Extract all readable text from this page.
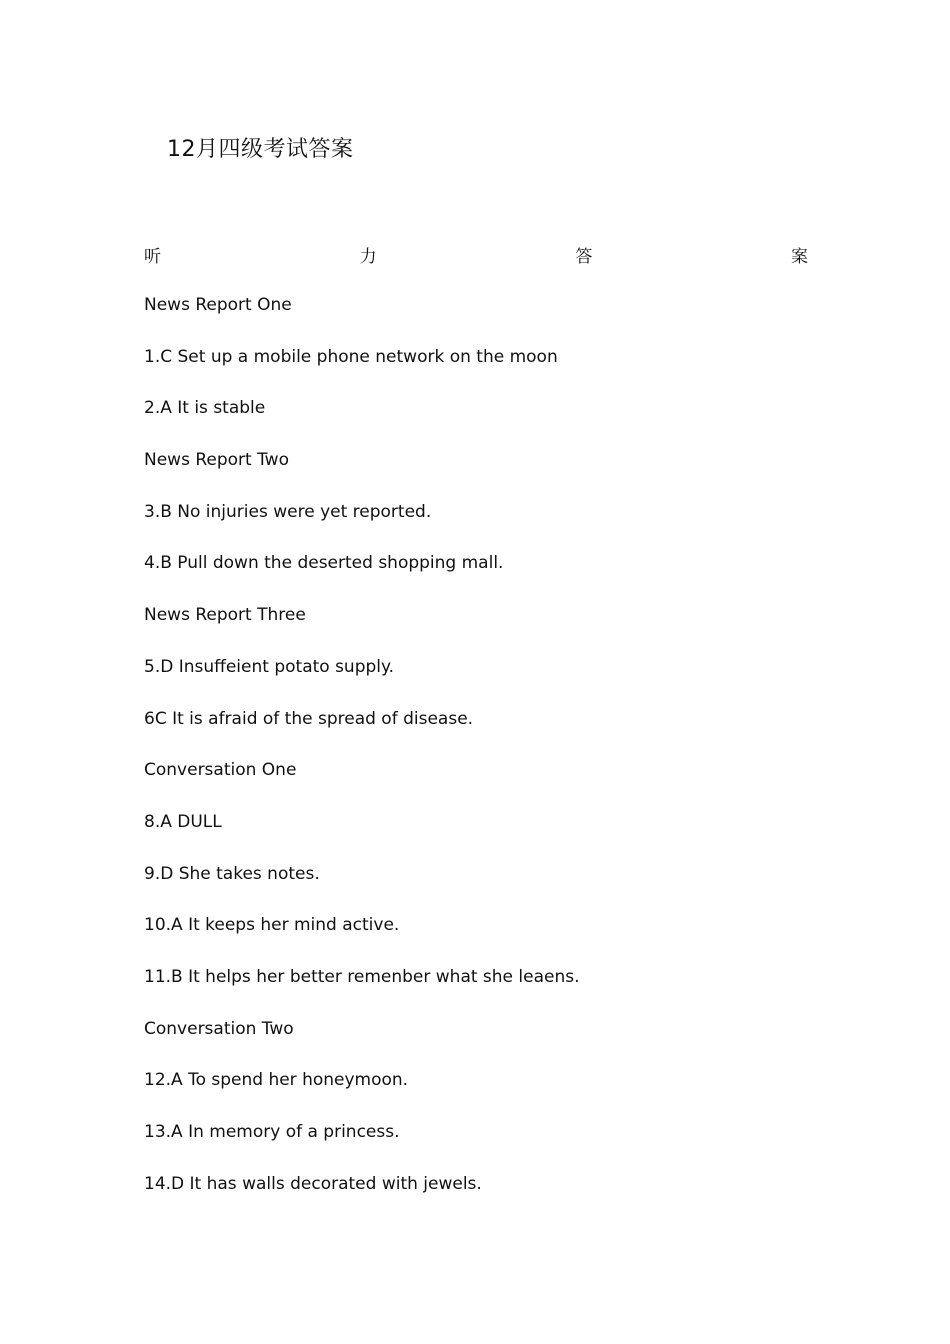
12月四级考试答案
听	力	答	案
News Report One
1.C Set up a mobile phone network on the moon
2.A It is stable
News Report Two
3.B No injuries were yet reported.
4.B Pull down the deserted shopping mall.
News Report Three
5.D Insuffeient potato supply.
6C It is afraid of the spread of disease.
Conversation One
8.A DULL
9.D She takes notes.
10.A It keeps her mind active.
11.B It helps her better remenber what she leaens.
Conversation Two
12.A To spend her honeymoon.
13.A In memory of a princess.
14.D It has walls decorated with jewels.
